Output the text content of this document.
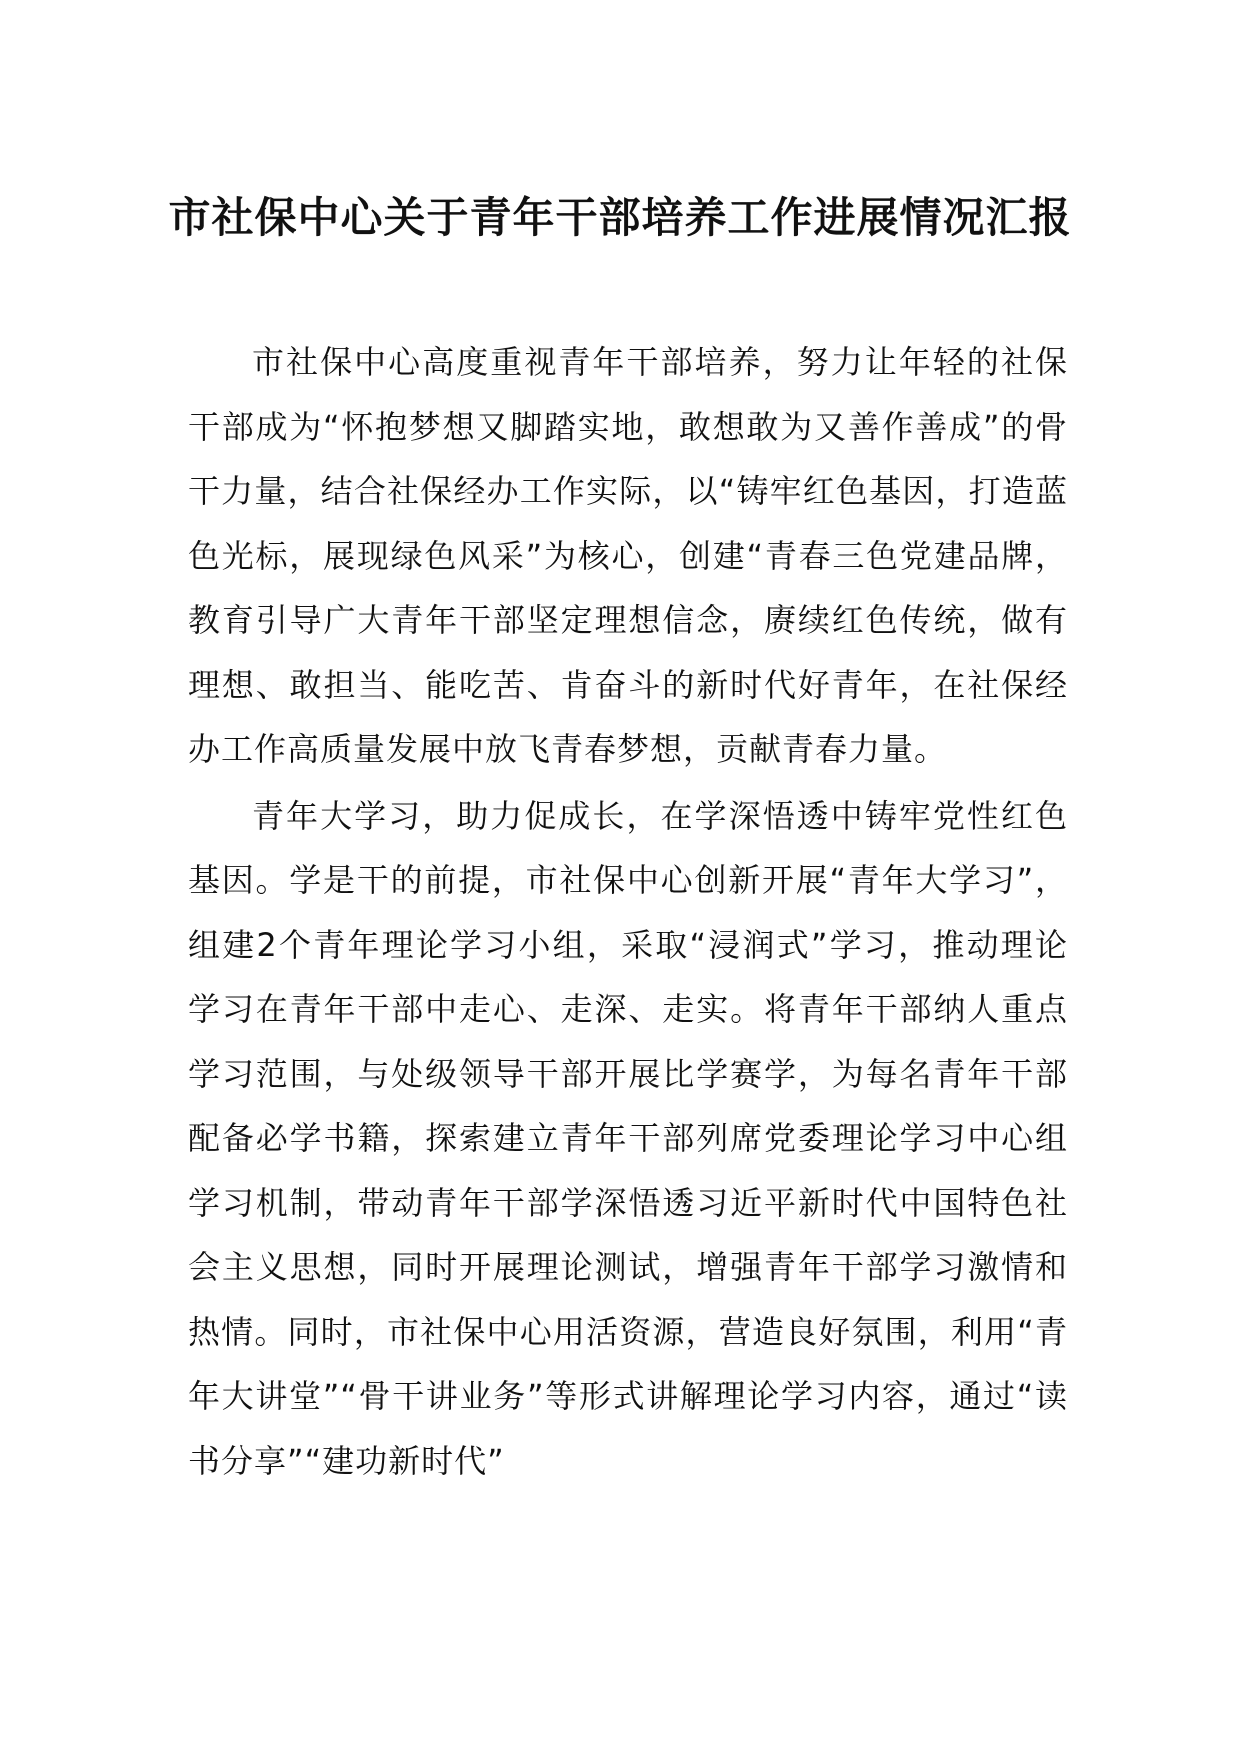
市社保中心关于青年干部培养工作进展情况汇报

市社保中心高度重视青年干部培养，努力让年轻的社保干部成为“怀抱梦想又脚踏实地，敢想敢为又善作善成”的骨干力量，结合社保经办工作实际，以“铸牢红色基因，打造蓝色光标，展现绿色风采”为核心，创建“青春三色党建品牌，教育引导广大青年干部坚定理想信念，赓续红色传统，做有理想、敢担当、能吃苦、肯奋斗的新时代好青年，在社保经办工作高质量发展中放飞青春梦想，贡献青春力量。

青年大学习，助力促成长，在学深悟透中铸牢党性红色基因。学是干的前提，市社保中心创新开展“青年大学习”，组建2个青年理论学习小组，采取“浸润式”学习，推动理论学习在青年干部中走心、走深、走实。将青年干部纳人重点学习范围，与处级领导干部开展比学赛学，为每名青年干部配备必学书籍，探索建立青年干部列席党委理论学习中心组学习机制，带动青年干部学深悟透习近平新时代中国特色社会主义思想，同时开展理论测试，增强青年干部学习激情和热情。同时，市社保中心用活资源，营造良好氛围，利用“青年大讲堂”“骨干讲业务”等形式讲解理论学习内容，通过“读书分享”“建功新时代”
